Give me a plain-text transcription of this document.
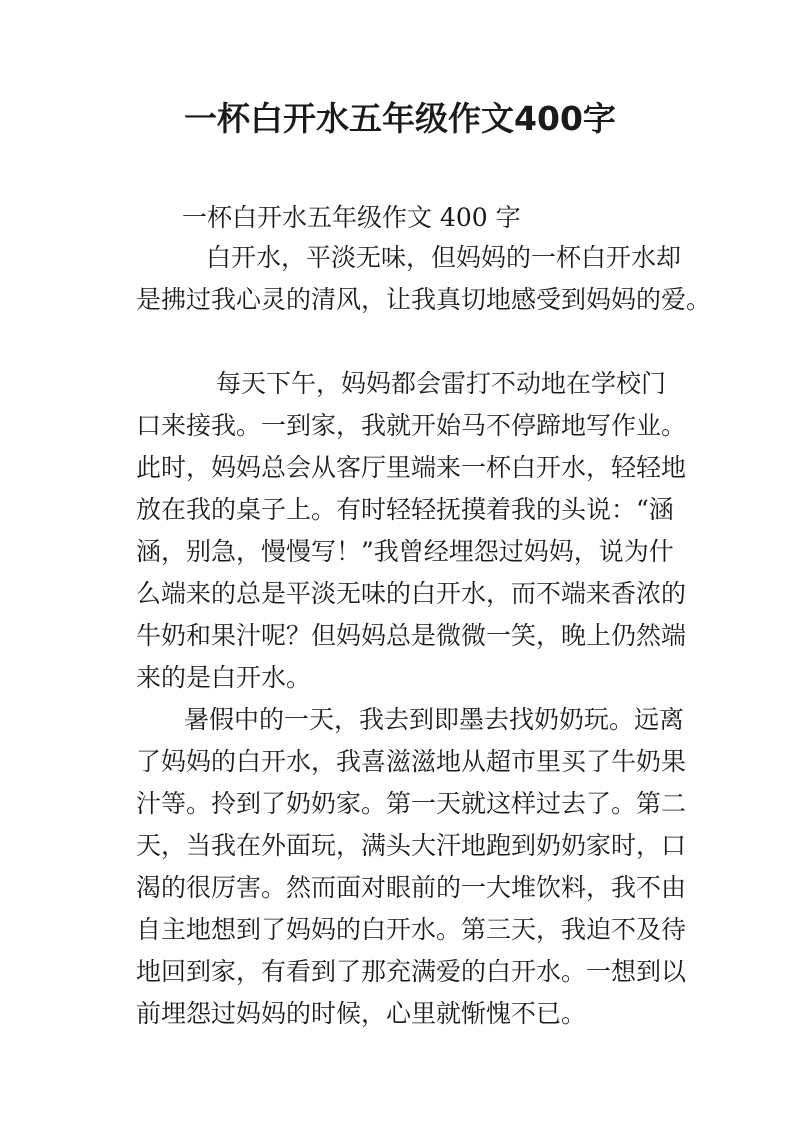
一杯白开水五年级作文400字
一杯白开水五年级作文 400 字
白开水，平淡无味，但妈妈的一杯白开水却
是拂过我心灵的清风，让我真切地感受到妈妈的爱。
每天下午，妈妈都会雷打不动地在学校门
口来接我。一到家，我就开始马不停蹄地写作业。
此时，妈妈总会从客厅里端来一杯白开水，轻轻地
放在我的桌子上。有时轻轻抚摸着我的头说：“涵
涵，别急，慢慢写！”我曾经埋怨过妈妈，说为什
么端来的总是平淡无味的白开水，而不端来香浓的
牛奶和果汁呢？但妈妈总是微微一笑，晚上仍然端
来的是白开水。
暑假中的一天，我去到即墨去找奶奶玩。远离
了妈妈的白开水，我喜滋滋地从超市里买了牛奶果
汁等。拎到了奶奶家。第一天就这样过去了。第二
天，当我在外面玩，满头大汗地跑到奶奶家时，口
渴的很厉害。然而面对眼前的一大堆饮料，我不由
自主地想到了妈妈的白开水。第三天，我迫不及待
地回到家，有看到了那充满爱的白开水。一想到以
前埋怨过妈妈的时候，心里就惭愧不已。
